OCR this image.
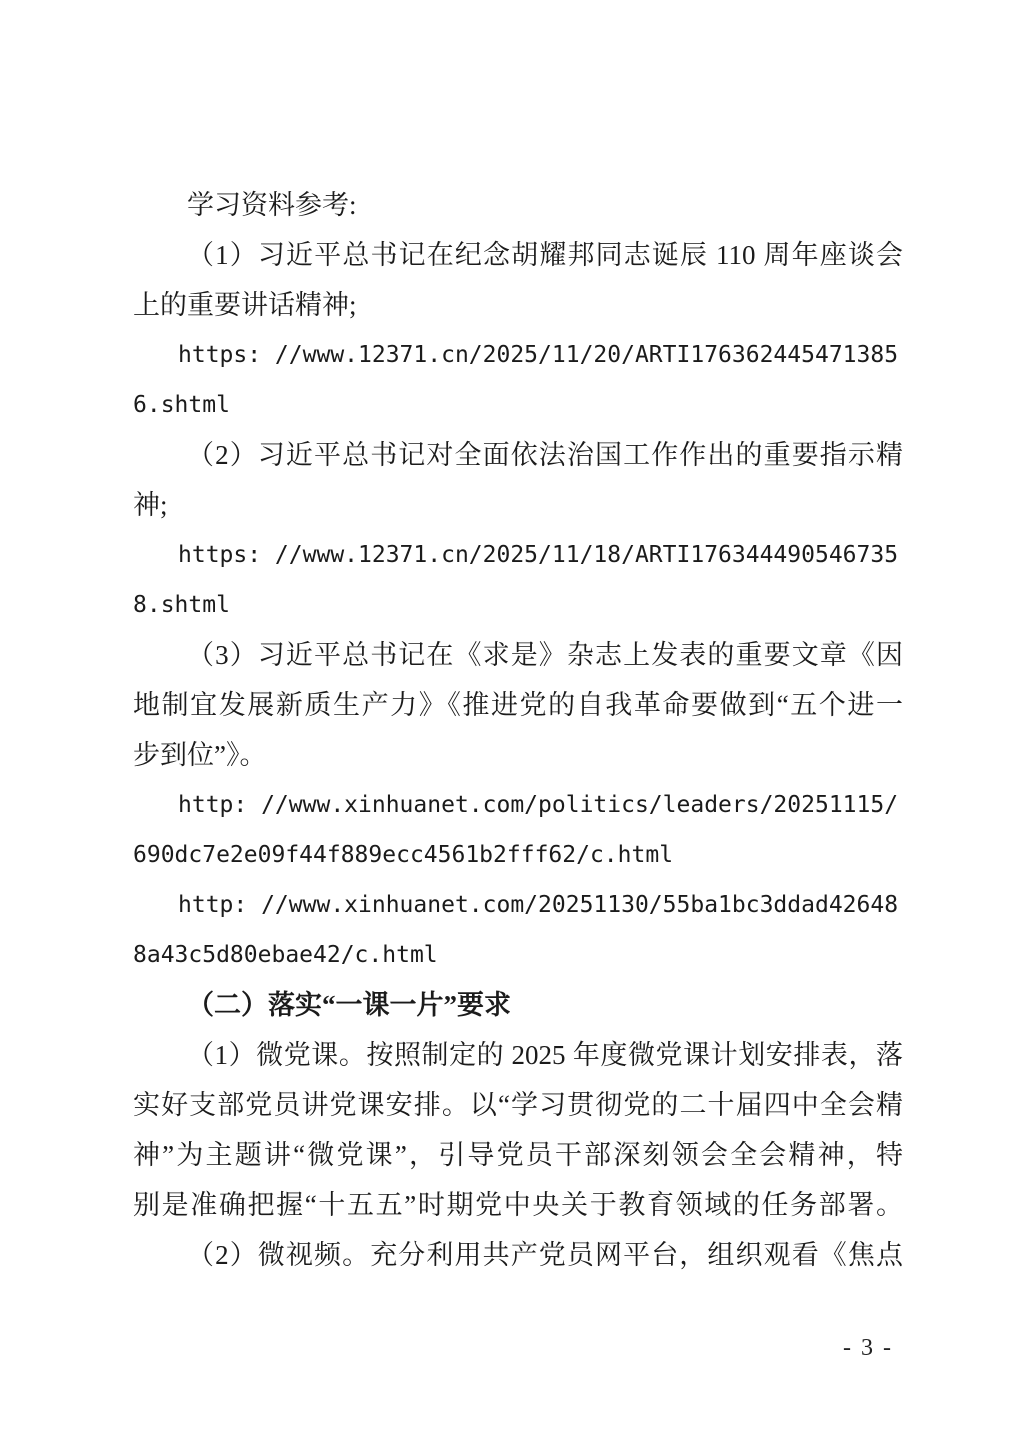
学习资料参考:
（1）习近平总书记在纪念胡耀邦同志诞辰 110 周年座谈会
上的重要讲话精神;
https: //www.12371.cn/2025/11/20/ARTI176362445471385
6.shtml
（2）习近平总书记对全面依法治国工作作出的重要指示精
神;
https: //www.12371.cn/2025/11/18/ARTI176344490546735
8.shtml
（3）习近平总书记在《求是》杂志上发表的重要文章《因
地制宜发展新质生产力》《推进党的自我革命要做到“五个进一
步到位”》。
http: //www.xinhuanet.com/politics/leaders/20251115/
690dc7e2e09f44f889ecc4561b2fff62/c.html
http: //www.xinhuanet.com/20251130/55ba1bc3ddad42648
8a43c5d80ebae42/c.html
（二）落实“一课一片”要求
（1）微党课。按照制定的 2025 年度微党课计划安排表，落
实好支部党员讲党课安排。以“学习贯彻党的二十届四中全会精
神”为主题讲“微党课”，引导党员干部深刻领会全会精神，特
别是准确把握“十五五”时期党中央关于教育领域的任务部署。
（2）微视频。充分利用共产党员网平台，组织观看《焦点
- 3 -
